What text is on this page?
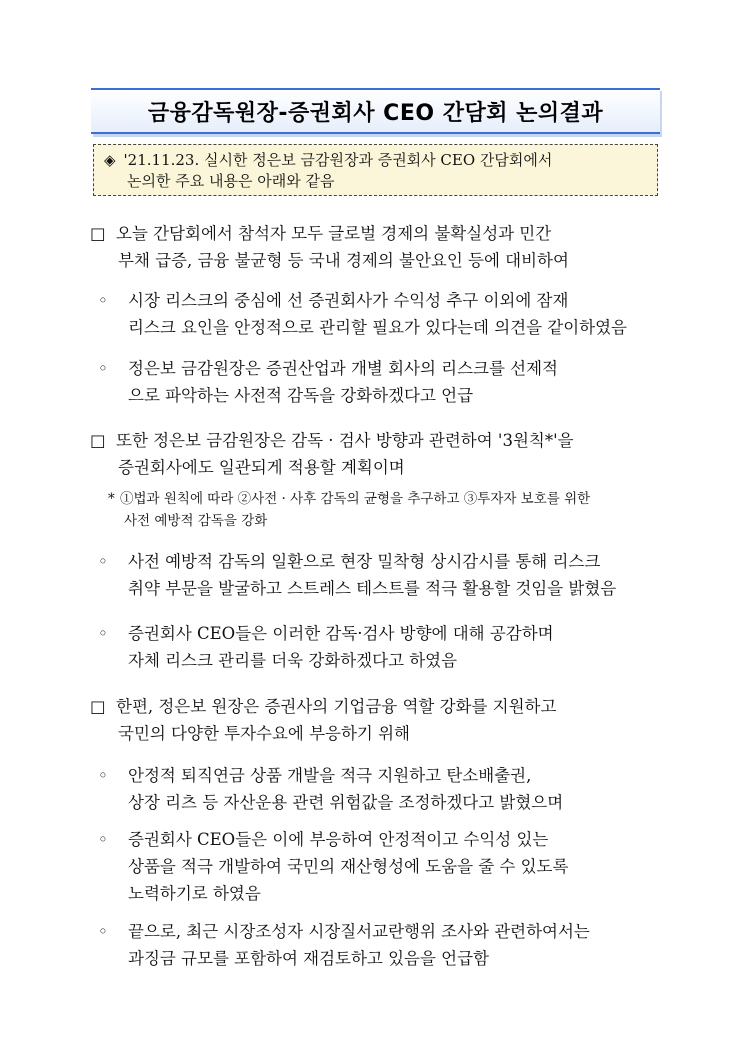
금융감독원장-증권회사 CEO 간담회 논의결과
◈ '21.11.23. 실시한 정은보 금감원장과 증권회사 CEO 간담회에서
논의한 주요 내용은 아래와 같음
□ 오늘 간담회에서 참석자 모두 글로벌 경제의 불확실성과 민간
부채 급증, 금융 불균형 등 국내 경제의 불안요인 등에 대비하여
◦	시장 리스크의 중심에 선 증권회사가 수익성 추구 이외에 잠재
리스크 요인을 안정적으로 관리할 필요가 있다는데 의견을 같이하였음
◦	정은보 금감원장은 증권산업과 개별 회사의 리스크를 선제적
으로 파악하는 사전적 감독을 강화하겠다고 언급
□ 또한 정은보 금감원장은 감독 · 검사 방향과 관련하여 '3원칙*'을
증권회사에도 일관되게 적용할 계획이며
* ①법과 원칙에 따라 ②사전 · 사후 감독의 균형을 추구하고 ③투자자 보호를 위한
사전 예방적 감독을 강화
◦	사전 예방적 감독의 일환으로 현장 밀착형 상시감시를 통해 리스크
취약 부문을 발굴하고 스트레스 테스트를 적극 활용할 것임을 밝혔음
◦	증권회사 CEO들은 이러한 감독·검사 방향에 대해 공감하며
자체 리스크 관리를 더욱 강화하겠다고 하였음
□ 한편, 정은보 원장은 증권사의 기업금융 역할 강화를 지원하고
국민의 다양한 투자수요에 부응하기 위해
◦	안정적 퇴직연금 상품 개발을 적극 지원하고 탄소배출권,
상장 리츠 등 자산운용 관련 위험값을 조정하겠다고 밝혔으며
◦	증권회사 CEO들은 이에 부응하여 안정적이고 수익성 있는
상품을 적극 개발하여 국민의 재산형성에 도움을 줄 수 있도록
노력하기로 하였음
◦	끝으로, 최근 시장조성자 시장질서교란행위 조사와 관련하여서는
과징금 규모를 포함하여 재검토하고 있음을 언급함
